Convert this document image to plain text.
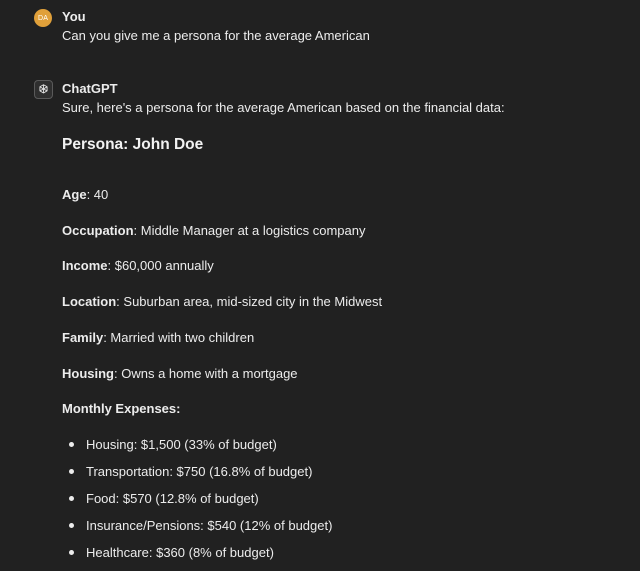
DA You

Can you give me a persona for the average American

ChatGPT

Sure, here's a persona for the average American based on the financial data:

Persona: John Doe

Age: 40

Occupation: Middle Manager at a logistics company

Income: $60,000 annually

Location: Suburban area, mid-sized city in the Midwest

Family: Married with two children

Housing: Owns a home with a mortgage

Monthly Expenses:

Housing: $1,500 (33% of budget)
Transportation: $750 (16.8% of budget)
Food: $570 (12.8% of budget)
Insurance/Pensions: $540 (12% of budget)
Healthcare: $360 (8% of budget)
